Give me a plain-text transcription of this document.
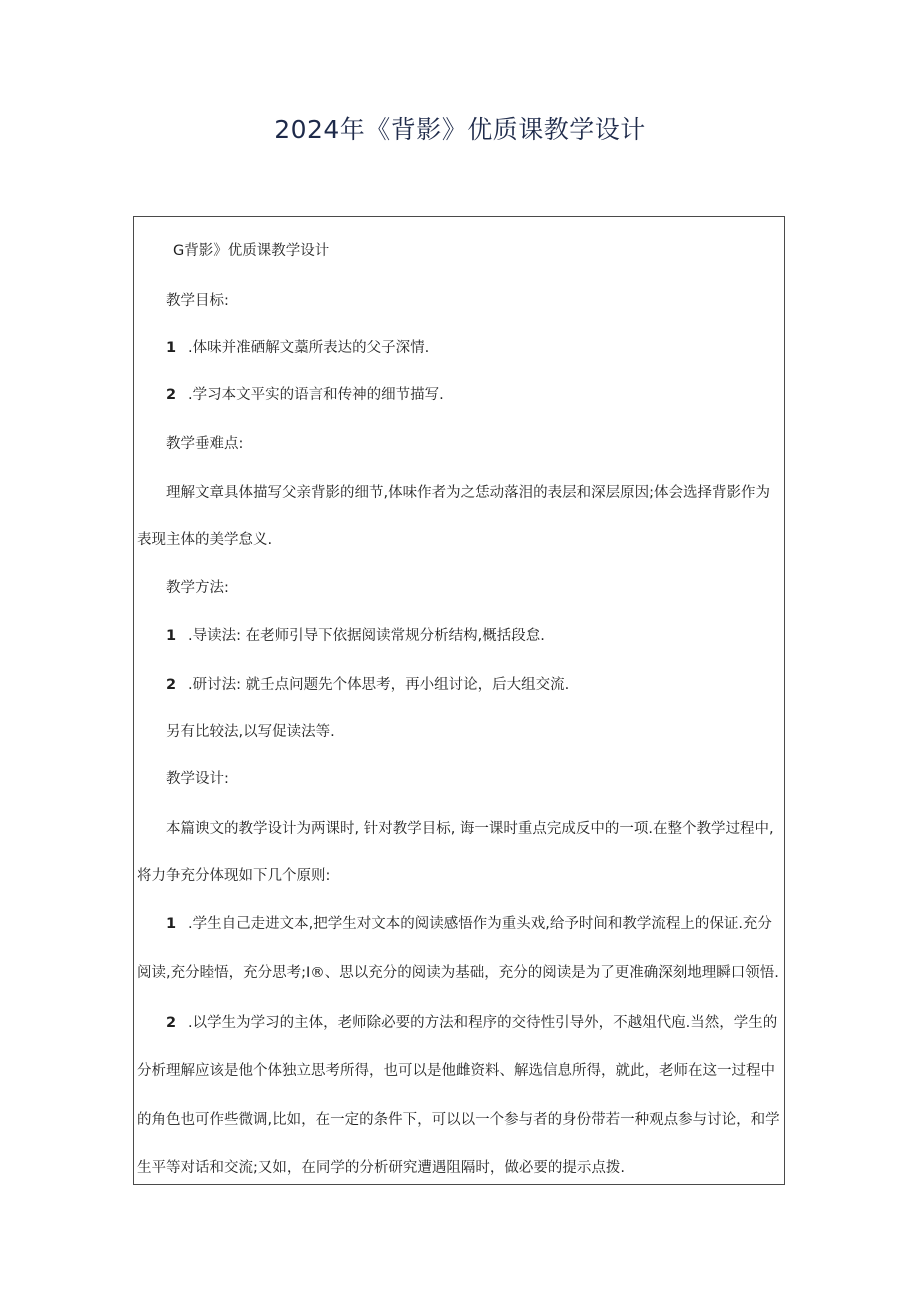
2024年《背影》优质课教学设计
G背影》优质课教学设计
教学目标:
1 .体味并准硒解文藁所表达的父子深情.
2 .学习本文平实的语言和传神的细节描写.
教学垂难点:
理解文章具体描写父亲背影的细节,体味作者为之恁动落泪的表层和深层原因;体会选择背影作为
表现主体的美学怠义.
教学方法:
1 .导读法: 在老师引导下依据阅读常规分析结构,概括段怠.
2 .研讨法: 就壬点问题先个体思考，再小组讨论，后大组交流.
另有比较法,以写促读法等.
教学设计:
本篇谀文的教学设计为两课时, 针对教学目标, 诲一课时重点完成反中的一项.在整个教学过程中,
将力争充分体现如下几个原则:
1 .学生自己走进文本,把学生对文本的阅读感悟作为重头戏,给予时间和教学流程上的保证.充分
阅读,充分睦悟，充分思考;I®、思以充分的阅读为基础，充分的阅读是为了更准确深刻地理瞬口领悟.
2 .以学生为学习的主体，老师除必要的方法和程序的交待性引导外，不越俎代庖.当然，学生的
分析理解应该是他个体独立思考所得，也可以是他雌资料、解选信息所得，就此，老师在这一过程中
的角色也可作些微调,比如，在一定的条件下，可以以一个参与者的身份带若一种观点参与讨论，和学
生平等对话和交流;又如，在同学的分析研究遭遇阻隔时，做必要的提示点拨.
